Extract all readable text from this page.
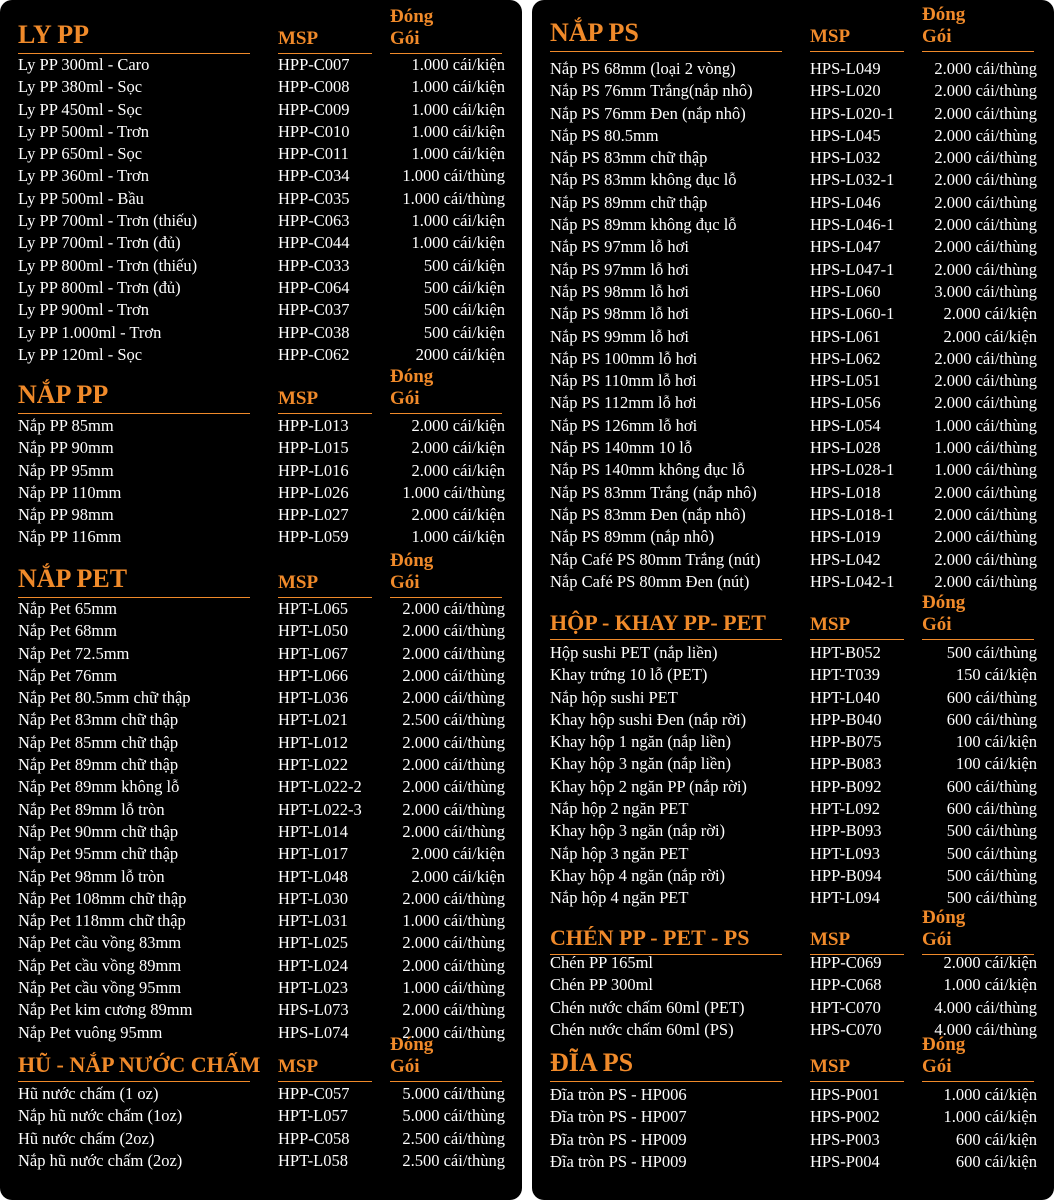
LY PP	MSP
Đóng Gói
Ly PP 300ml - Caro	HPP-C007	1.000 cái/kiện
Ly PP 380ml - Sọc	HPP-C008	1.000 cái/kiện
Ly PP 450ml - Sọc	HPP-C009	1.000 cái/kiện
Ly PP 500ml - Trơn	HPP-C010	1.000 cái/kiện
Ly PP 650ml - Sọc	HPP-C011	1.000 cái/kiện
Ly PP 360ml - Trơn	HPP-C034	1.000 cái/thùng
Ly PP 500ml - Bầu	HPP-C035	1.000 cái/thùng
Ly PP 700ml - Trơn (thiếu)	HPP-C063	1.000 cái/kiện
Ly PP 700ml - Trơn (đủ)	HPP-C044	1.000 cái/kiện
Ly PP 800ml - Trơn (thiếu)	HPP-C033	500 cái/kiện
Ly PP 800ml - Trơn (đủ)	HPP-C064	500 cái/kiện
Ly PP 900ml - Trơn	HPP-C037	500 cái/kiện
Ly PP 1.000ml - Trơn	HPP-C038	500 cái/kiện
Ly PP 120ml - Sọc	HPP-C062	2000 cái/kiện
NẮP PP	MSP
Đóng Gói
Nắp PP 85mm	HPP-L013	2.000 cái/kiện
Nắp PP 90mm	HPP-L015	2.000 cái/kiện
Nắp PP 95mm	HPP-L016	2.000 cái/kiện
Nắp PP 110mm	HPP-L026	1.000 cái/thùng
Nắp PP 98mm	HPP-L027	2.000 cái/kiện
Nắp PP 116mm	HPP-L059	1.000 cái/kiện
NẮP PET	MSP
Đóng Gói
Nắp Pet 65mm	HPT-L065	2.000 cái/thùng
Nắp Pet 68mm	HPT-L050	2.000 cái/thùng
Nắp Pet 72.5mm	HPT-L067	2.000 cái/thùng
Nắp Pet 76mm	HPT-L066	2.000 cái/thùng
Nắp Pet 80.5mm chữ thập	HPT-L036	2.000 cái/thùng
Nắp Pet 83mm chữ thập	HPT-L021	2.500 cái/thùng
Nắp Pet 85mm chữ thập	HPT-L012	2.000 cái/thùng
Nắp Pet 89mm chữ thập	HPT-L022	2.000 cái/thùng
Nắp Pet 89mm không lỗ	HPT-L022-2 2.000 cái/thùng
Nắp Pet 89mm lỗ tròn	HPT-L022-3 2.000 cái/thùng
Nắp Pet 90mm chữ thập	HPT-L014	2.000 cái/thùng
Nắp Pet 95mm chữ thập	HPT-L017	2.000 cái/kiện
Nắp Pet 98mm lỗ tròn	HPT-L048	2.000 cái/kiện
Nắp Pet 108mm chữ thập	HPT-L030	2.000 cái/thùng
Nắp Pet 118mm chữ thập	HPT-L031	1.000 cái/thùng
Nắp Pet cầu vồng 83mm	HPT-L025	2.000 cái/thùng
Nắp Pet cầu vồng 89mm	HPT-L024	2.000 cái/thùng
Nắp Pet cầu vồng 95mm	HPT-L023	1.000 cái/thùng
Nắp Pet kim cương 89mm	HPS-L073	2.000 cái/thùng
Nắp Pet vuông 95mm	HPS-L074	2.000 cái/thùng
HŨ - NẮP NƯỚC CHẤM MSP
Đóng Gói
Hũ nước chấm (1 oz)	HPP-C057	5.000 cái/thùng
Nắp hũ nước chấm (1oz)	HPT-L057	5.000 cái/thùng
Hũ nước chấm (2oz)	HPP-C058	2.500 cái/thùng
Nắp hũ nước chấm (2oz)	HPT-L058	2.500 cái/thùng
NẮP PS	MSP
Đóng Gói
Nắp PS 68mm (loại 2 vòng)	HPS-L049	2.000 cái/thùng
Nắp PS 76mm Trắng(nắp nhô)	HPS-L020	2.000 cái/thùng
Nắp PS 76mm Đen (nắp nhô)	HPS-L020-1 2.000 cái/thùng
Nắp PS 80.5mm	HPS-L045	2.000 cái/thùng
Nắp PS 83mm chữ thập	HPS-L032	2.000 cái/thùng
Nắp PS 83mm không đục lỗ	HPS-L032-1 2.000 cái/thùng
Nắp PS 89mm chữ thập	HPS-L046	2.000 cái/thùng
Nắp PS 89mm không đục lỗ	HPS-L046-1 2.000 cái/thùng
Nắp PS 97mm lỗ hơi	HPS-L047	2.000 cái/thùng
Nắp PS 97mm lỗ hơi	HPS-L047-1 2.000 cái/thùng
Nắp PS 98mm lỗ hơi	HPS-L060	3.000 cái/thùng
Nắp PS 98mm lỗ hơi	HPS-L060-1	2.000 cái/kiện
Nắp PS 99mm lỗ hơi	HPS-L061	2.000 cái/kiện
Nắp PS 100mm lỗ hơi	HPS-L062	2.000 cái/thùng
Nắp PS 110mm lỗ hơi	HPS-L051	2.000 cái/thùng
Nắp PS 112mm lỗ hơi	HPS-L056	2.000 cái/thùng
Nắp PS 126mm lỗ hơi	HPS-L054	1.000 cái/thùng
Nắp PS 140mm 10 lỗ	HPS-L028	1.000 cái/thùng
Nắp PS 140mm không đục lỗ	HPS-L028-1 1.000 cái/thùng
Nắp PS 83mm Trắng (nắp nhô)	HPS-L018	2.000 cái/thùng
Nắp PS 83mm Đen (nắp nhô)	HPS-L018-1 2.000 cái/thùng
Nắp PS 89mm (nắp nhô)	HPS-L019	2.000 cái/thùng
Nắp Café PS 80mm Trắng (nút)	HPS-L042	2.000 cái/thùng
Nắp Café PS 80mm Đen (nút)	HPS-L042-1 2.000 cái/thùng
HỘP - KHAY PP- PET MSP
Đóng Gói
Hộp sushi PET (nắp liền)	HPT-B052	500 cái/thùng
Khay trứng 10 lỗ (PET)	HPT-T039	150 cái/kiện
Nắp hộp sushi PET	HPT-L040	600 cái/thùng
Khay hộp sushi Đen (nắp rời)	HPP-B040	600 cái/thùng
Khay hộp 1 ngăn (nắp liền)	HPP-B075	100 cái/kiện
Khay hộp 3 ngăn (nắp liền)	HPP-B083	100 cái/kiện
Khay hộp 2 ngăn PP (nắp rời)	HPP-B092	600 cái/thùng
Nắp hộp 2 ngăn PET	HPT-L092	600 cái/thùng
Khay hộp 3 ngăn (nắp rời)	HPP-B093	500 cái/thùng
Nắp hộp 3 ngăn PET	HPT-L093	500 cái/thùng
Khay hộp 4 ngăn (nắp rời)	HPP-B094	500 cái/thùng
Nắp hộp 4 ngăn PET	HPT-L094	500 cái/thùng
CHÉN PP - PET - PS	MSP
Đóng Gói
Chén PP 165ml	HPP-C069	2.000 cái/kiện
Chén PP 300ml	HPP-C068	1.000 cái/kiện
Chén nước chấm 60ml (PET)	HPT-C070	4.000 cái/thùng
Chén nước chấm 60ml (PS)	HPS-C070	4.000 cái/thùng
ĐĨA PS	MSP
Đóng Gói
Đĩa tròn PS - HP006	HPS-P001	1.000 cái/kiện
Đĩa tròn PS - HP007	HPS-P002	1.000 cái/kiện
Đĩa tròn PS - HP009	HPS-P003	600 cái/kiện
Đĩa tròn PS - HP009	HPS-P004	600 cái/kiện
